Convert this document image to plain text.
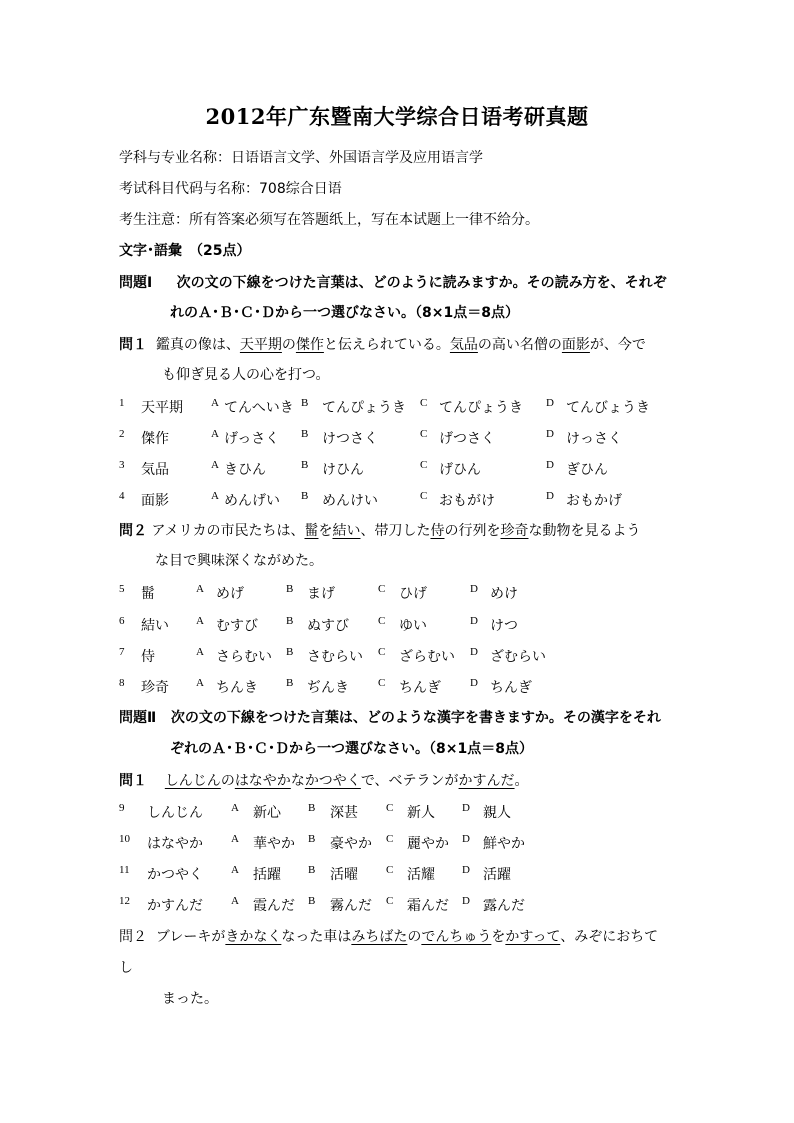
2012年广东暨南大学综合日语考研真题
学科与专业名称：日语语言文学、外国语言学及应用语言学
考试科目代码与名称：708综合日语
考生注意：所有答案必须写在答题纸上，写在本试题上一律不给分。
文字･語彙　（25点）
問題Ⅰ 次の文の下線をつけた言葉は、どのように読みますか。その読み方を、それぞ
れのＡ･Ｂ･Ｃ･Ｄから一つ選びなさい。（8×1点＝8点）
問１ 鑑真の像は、天平期の傑作と伝えられている。気品の高い名僧の面影が、今で
も仰ぎ見る人の心を打つ。
1 天平期	A てんへいき B てんぴょうき C てんぴょうき D てんびょうき
2 傑作	A げっさく B けつさく	C げつさく	D けっさく
3 気品	A きひん	B けひん	C げひん	D ぎひん
4 面影	A めんげい B めんけい	C おもがけ	D おもかげ
問２ アメリカの市民たちは、髷を結い、帯刀した侍の行列を珍奇な動物を見るよう
な目で興味深くながめた。
5 髷	A めげ	B まげ	C ひげ	D めけ
6 結い A むすび	B ぬすび	C ゆい	D けつ
7 侍	A さらむい B さむらい C ざらむい D ざむらい
8 珍奇 A ちんき	B ぢんき	C ちんぎ	D ちんぎ
問題Ⅱ 次の文の下線をつけた言葉は、どのような漢字を書きますか。その漢字をそれ
ぞれのＡ･Ｂ･Ｃ･Ｄから一つ選びなさい。（8×1点＝8点）
問１ しんじんのはなやかなかつやくで、ベテランがかすんだ。
9 しんじん	A 新心 B 深甚	C 新人 D 親人
10 はなやか	A 華やか B 豪やか C 麗やか D 鮮やか
11 かつやく	A 括躍 B 活曜	C 活耀 D 活躍
12 かすんだ	A 霞んだ B 霧んだ C 霜んだ D 露んだ
問２ ブレーキがきかなくなった車はみちばたのでんちゅうをかすって、みぞにおちて
し
まった。
